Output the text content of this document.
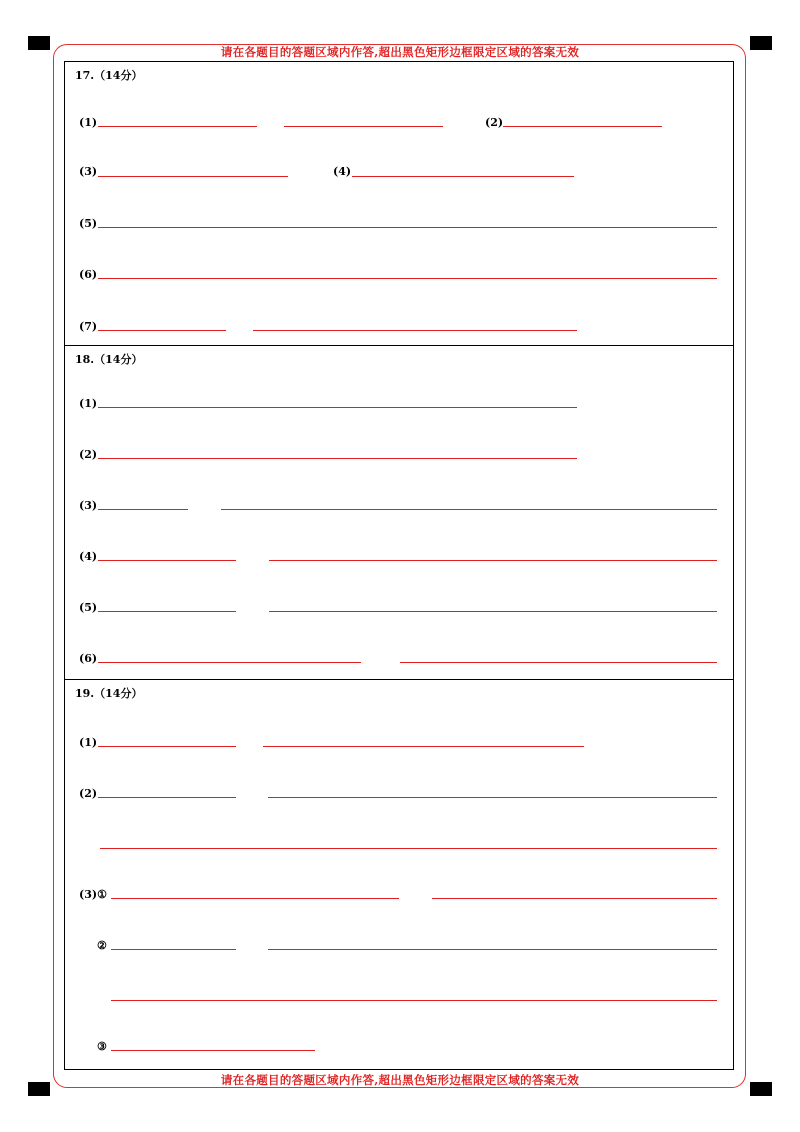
请在各题目的答题区域内作答,超出黑色矩形边框限定区域的答案无效
请在各题目的答题区域内作答,超出黑色矩形边框限定区域的答案无效
17.（14分）
(1)	(2)
(3)	(4)
(5)
(6)
(7)
18.（14分）
(1)
(2)
(3)
(4)
(5)
(6)
19.（14分）
(1)
(2)
(3)①
②
③
